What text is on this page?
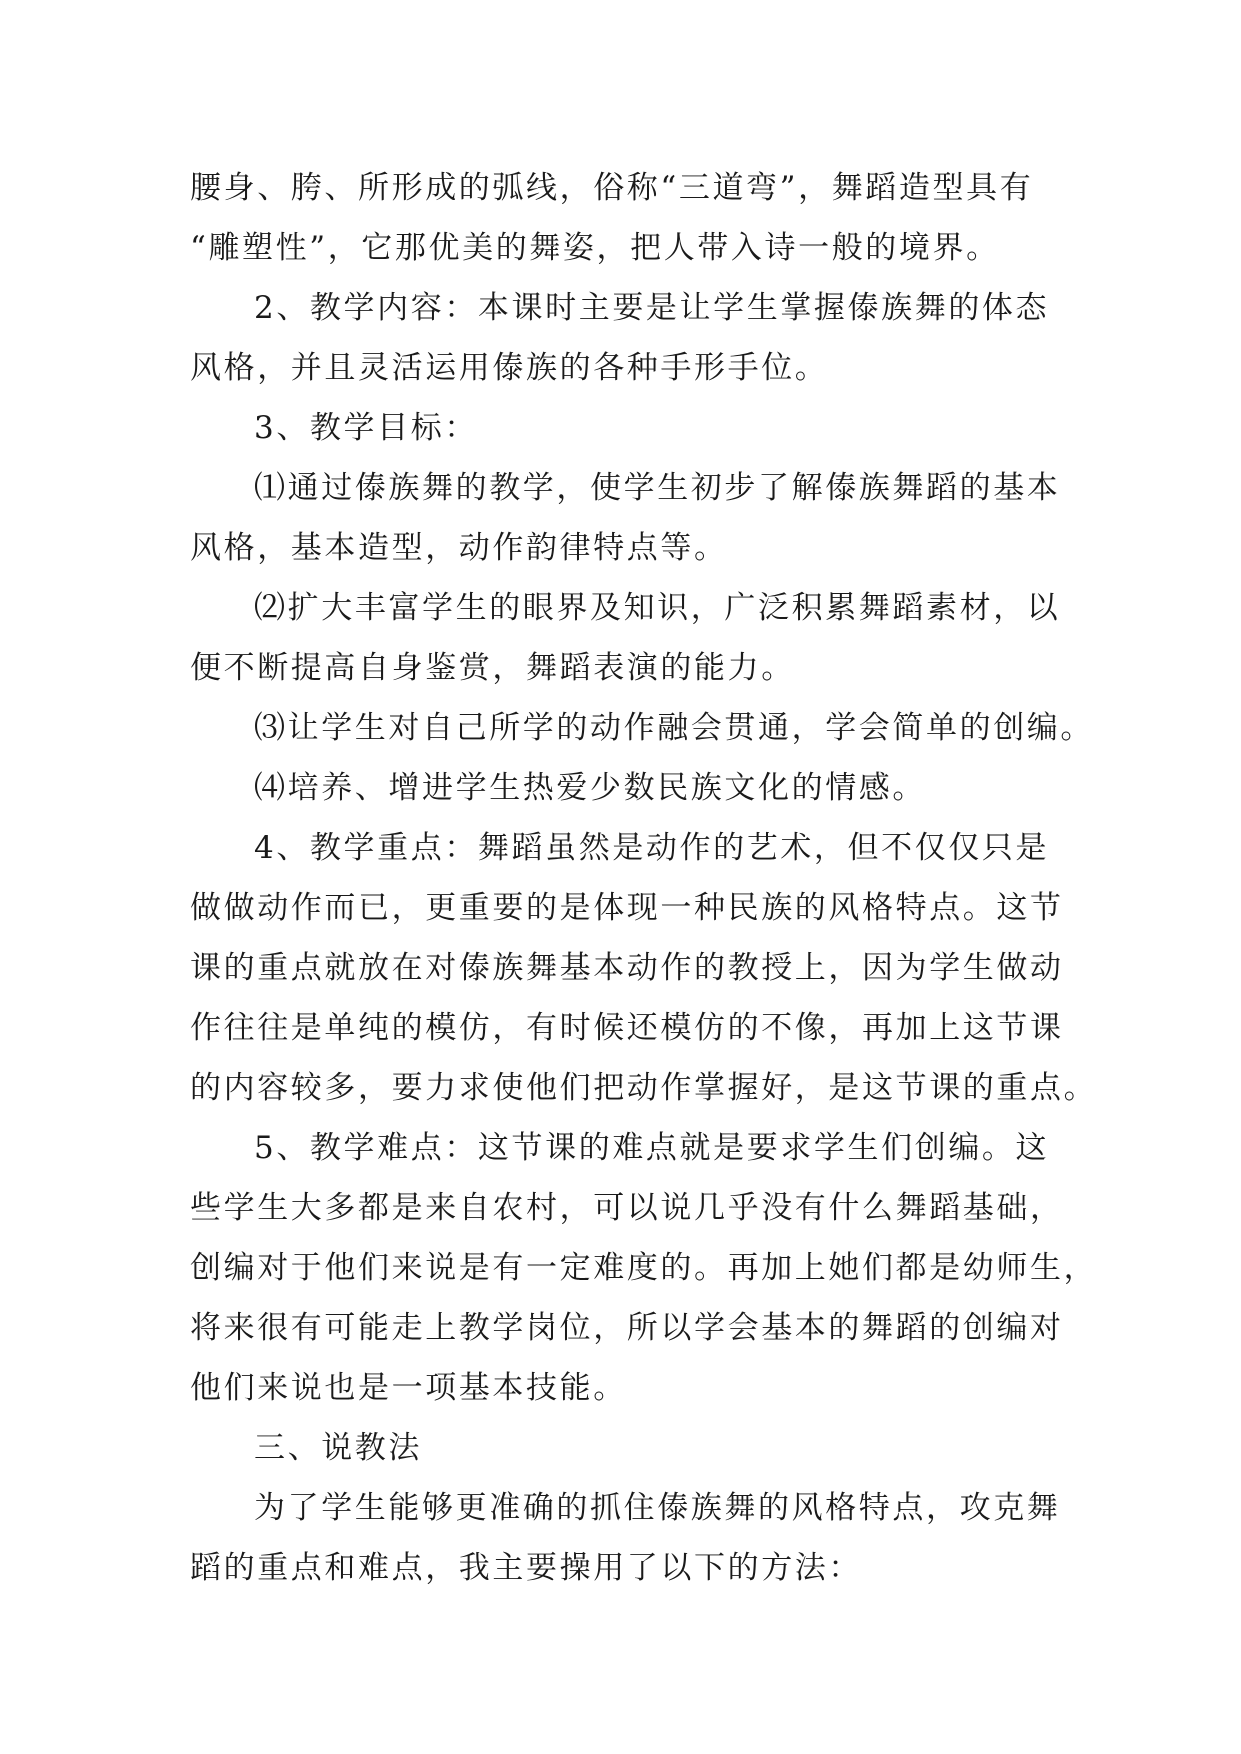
腰身、胯、所形成的弧线，俗称“三道弯”，舞蹈造型具有
“雕塑性”，它那优美的舞姿，把人带入诗一般的境界。
2、教学内容：本课时主要是让学生掌握傣族舞的体态
风格，并且灵活运用傣族的各种手形手位。
3、教学目标：
⑴通过傣族舞的教学，使学生初步了解傣族舞蹈的基本
风格，基本造型，动作韵律特点等。
⑵扩大丰富学生的眼界及知识，广泛积累舞蹈素材，以
便不断提高自身鉴赏，舞蹈表演的能力。
⑶让学生对自己所学的动作融会贯通，学会简单的创编。
⑷培养、增进学生热爱少数民族文化的情感。
4、教学重点：舞蹈虽然是动作的艺术，但不仅仅只是
做做动作而已，更重要的是体现一种民族的风格特点。这节
课的重点就放在对傣族舞基本动作的教授上，因为学生做动
作往往是单纯的模仿，有时候还模仿的不像，再加上这节课
的内容较多，要力求使他们把动作掌握好，是这节课的重点。
5、教学难点：这节课的难点就是要求学生们创编。这
些学生大多都是来自农村，可以说几乎没有什么舞蹈基础，
创编对于他们来说是有一定难度的。再加上她们都是幼师生，
将来很有可能走上教学岗位，所以学会基本的舞蹈的创编对
他们来说也是一项基本技能。
三、说教法
为了学生能够更准确的抓住傣族舞的风格特点，攻克舞
蹈的重点和难点，我主要操用了以下的方法：
